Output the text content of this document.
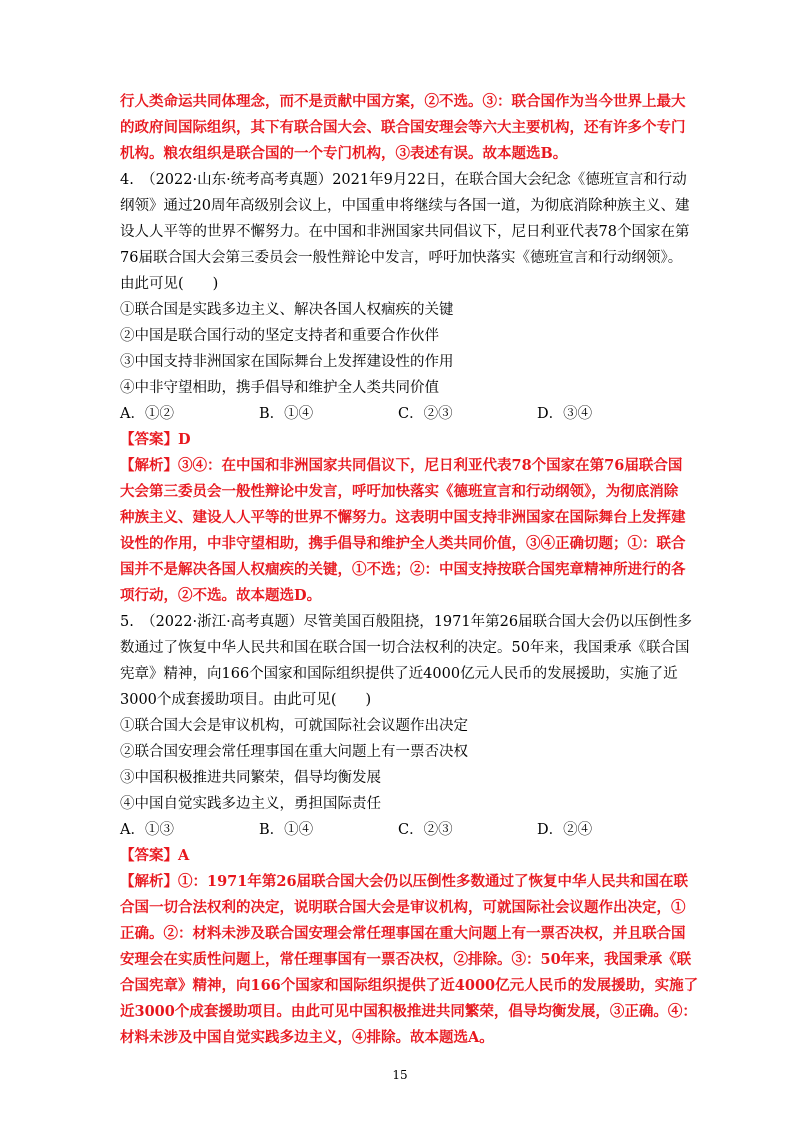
行人类命运共同体理念，而不是贡献中国方案，②不选。③：联合国作为当今世界上最大
的政府间国际组织，其下有联合国大会、联合国安理会等六大主要机构，还有许多个专门
机构。粮农组织是联合国的一个专门机构，③表述有误。故本题选B。
4.　（2022·山东·统考高考真题）2021年9月22日，在联合国大会纪念《德班宣言和行动
纲领》通过20周年高级别会议上，中国重申将继续与各国一道，为彻底消除种族主义、建
设人人平等的世界不懈努力。在中国和非洲国家共同倡议下，尼日利亚代表78个国家在第
76届联合国大会第三委员会一般性辩论中发言，呼吁加快落实《德班宣言和行动纲领》。
由此可见(　　)
①联合国是实践多边主义、解决各国人权痼疾的关键
②中国是联合国行动的坚定支持者和重要合作伙伴
③中国支持非洲国家在国际舞台上发挥建设性的作用
④中非守望相助，携手倡导和维护全人类共同价值
A．①②	B．①④	C．②③	D．③④
【答案】D
【解析】③④：在中国和非洲国家共同倡议下，尼日利亚代表78个国家在第76届联合国
大会第三委员会一般性辩论中发言，呼吁加快落实《德班宣言和行动纲领》，为彻底消除
种族主义、建设人人平等的世界不懈努力。这表明中国支持非洲国家在国际舞台上发挥建
设性的作用，中非守望相助，携手倡导和维护全人类共同价值，③④正确切题；①：联合
国并不是解决各国人权痼疾的关键，①不选；②：中国支持按联合国宪章精神所进行的各
项行动，②不选。故本题选D。
5.　（2022·浙江·高考真题）尽管美国百般阻挠，1971年第26届联合国大会仍以压倒性多
数通过了恢复中华人民共和国在联合国一切合法权利的决定。50年来，我国秉承《联合国
宪章》精神，向166个国家和国际组织提供了近4000亿元人民币的发展援助，实施了近
3000个成套援助项目。由此可见(　　)
①联合国大会是审议机构，可就国际社会议题作出决定
②联合国安理会常任理事国在重大问题上有一票否决权
③中国积极推进共同繁荣，倡导均衡发展
④中国自觉实践多边主义，勇担国际责任
A．①③	B．①④	C．②③	D．②④
【答案】A
【解析】①：1971年第26届联合国大会仍以压倒性多数通过了恢复中华人民共和国在联
合国一切合法权利的决定，说明联合国大会是审议机构，可就国际社会议题作出决定，①
正确。②：材料未涉及联合国安理会常任理事国在重大问题上有一票否决权，并且联合国
安理会在实质性问题上，常任理事国有一票否决权，②排除。③：50年来，我国秉承《联
合国宪章》精神，向166个国家和国际组织提供了近4000亿元人民币的发展援助，实施了
近3000个成套援助项目。由此可见中国积极推进共同繁荣，倡导均衡发展，③正确。④：
材料未涉及中国自觉实践多边主义，④排除。故本题选A。
15
